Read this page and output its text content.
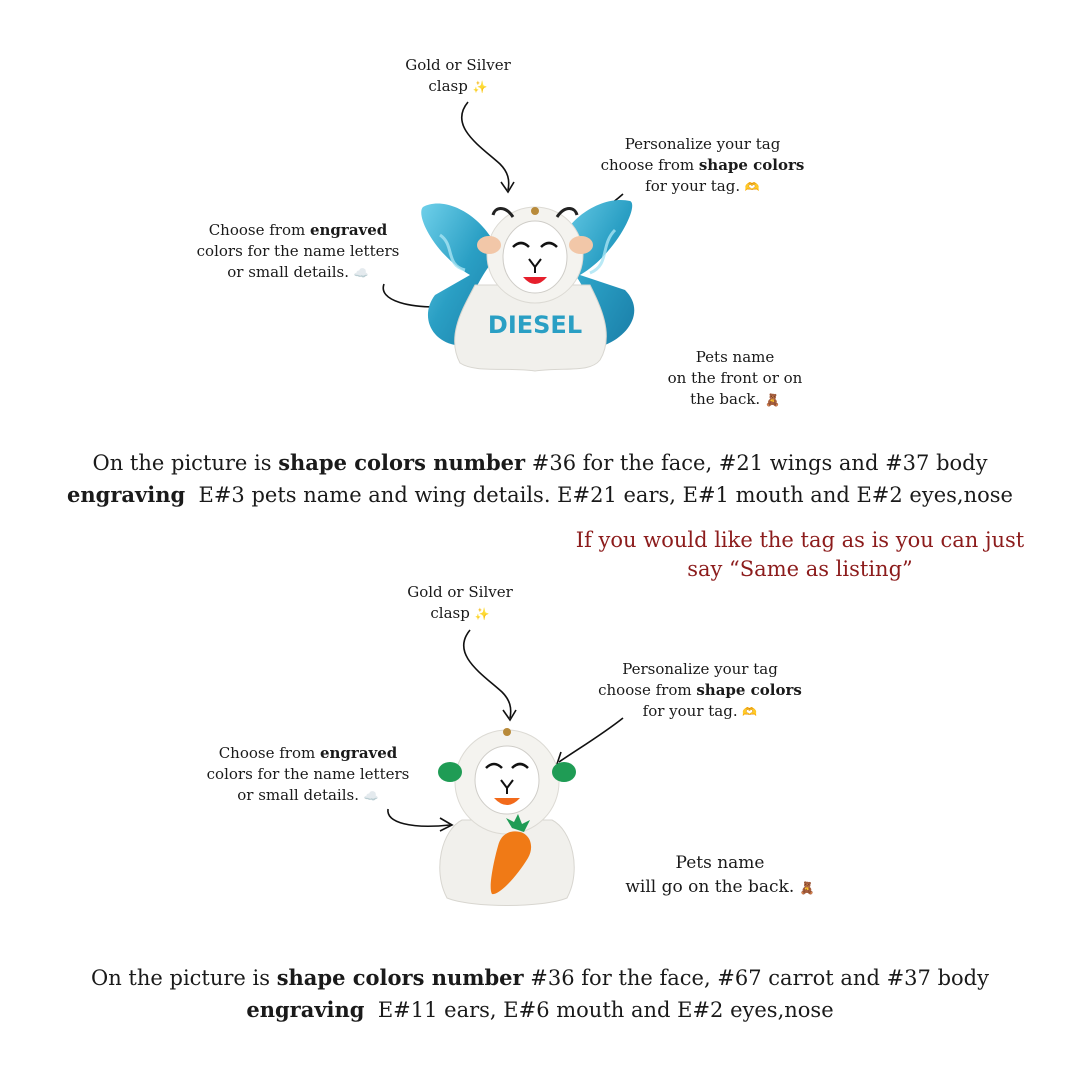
Gold or Silver
clasp ✨
Personalize your tag
choose from shape colors
for your tag. 🫶
Choose from engraved
colors for the name letters
or small details. ☁️
DIESEL
Pets name
on the front or on
the back. 🧸
On the picture is shape colors number #36 for the face, #21 wings and #37 body
engraving  E#3 pets name and wing details. E#21 ears, E#1 mouth and E#2 eyes,nose
If you would like the tag as is you can just
say “Same as listing”
Gold or Silver
clasp ✨
Personalize your tag
choose from shape colors
for your tag. 🫶
Choose from engraved
colors for the name letters
or small details. ☁️
Pets name
will go on the back. 🧸
On the picture is shape colors number #36 for the face, #67 carrot and #37 body
engraving  E#11 ears, E#6 mouth and E#2 eyes,nose
